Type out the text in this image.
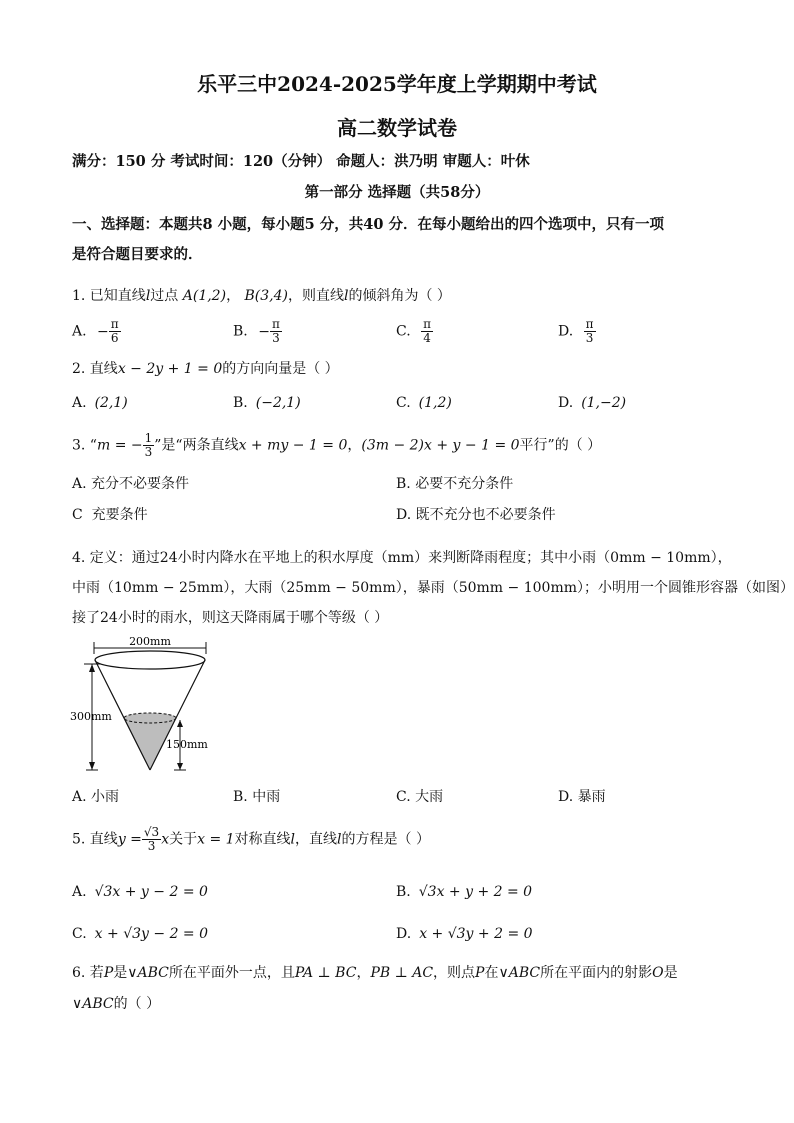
乐平三中2024-2025学年度上学期期中考试
高二数学试卷
满分：150 分 考试时间：120（分钟） 命题人：洪乃明 审题人：叶休
第一部分 选择题（共58分）
一、选择题：本题共8 小题，每小题5 分，共40 分．在每小题给出的四个选项中，只有一项
是符合题目要求的．
1. 已知直线l过点 A(1,2)， B(3,4)，则直线l的倾斜角为（ ）
A. − $\frac{\pi}{6}$	B. − $\frac{\pi}{3}$	C. $\frac{\pi}{4}$	D. $\frac{\pi}{3}$
2. 直线x − 2y + 1 = 0的方向向量是（ ）
A. (2,1)	B. (−2,1)	C. (1,2)	D. (1,−2)
3. “m = − $\frac{1}{3}$ ”是“两条直线x + my − 1 = 0，(3m − 2)x + y − 1 = 0平行”的（ ）
A. 充分不必要条件	B. 必要不充分条件
C 充要条件	D. 既不充分也不必要条件
4. 定义：通过24小时内降水在平地上的积水厚度（mm）来判断降雨程度；其中小雨（0mm − 10mm），
中雨（10mm − 25mm），大雨（25mm − 50mm），暴雨（50mm − 100mm）；小明用一个圆锥形容器（如图）
接了24小时的雨水，则这天降雨属于哪个等级（ ）
200mm
300mm
150mm
A. 小雨	B. 中雨	C. 大雨	D. 暴雨
5. 直线$y = \frac{√3}{3}$ x关于x = 1对称直线l，直线l的方程是（ ）
A. √3x + y − 2 = 0	B. √3x + y + 2 = 0
C. x + √3y − 2 = 0	D. x + √3y + 2 = 0
6. 若P是∨ABC所在平面外一点，且PA ⊥ BC，PB ⊥ AC，则点P在∨ABC所在平面内的射影O是
∨ABC的（ ）
